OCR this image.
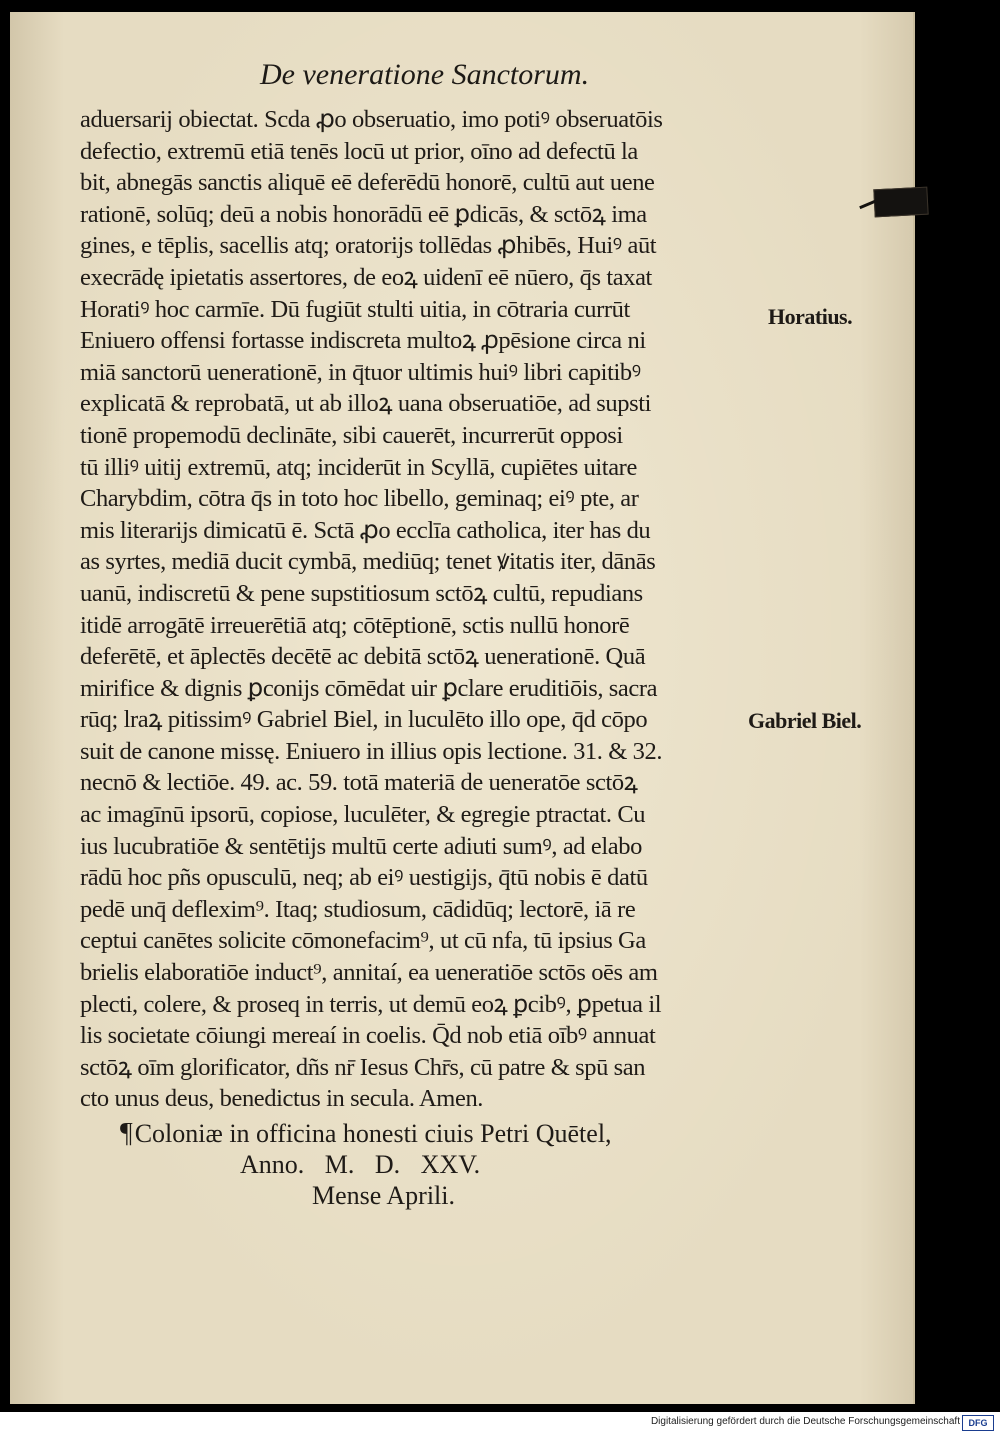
De veneratione Sanctorum.
aduersarij obiectat. Scda ꝓo obseruatio, imo potiꝰ obseruatōis
defectio, extremū etiā tenēs locū ut prior, oīno ad defectū la
bit, abnegās sanctis aliquē eē deferēdū honorē, cultū aut uene
rationē, solūq; deū a nobis honorādū eē ꝑdicās, & sctōꝝ ima
gines, e tēplis, sacellis atq; oratorijs tollēdas ꝓhibēs, Huiꝰ aūt
execrādę ipietatis assertores, de eoꝝ uidenī eē nūero, q̄s taxat
Horatiꝰ hoc carmīe. Dū fugiūt stulti uitia, in cōtraria currūt
Eniuero offensi fortasse indiscreta multoꝝ ꝓpēsione circa ni
miā sanctorū uenerationē, in q̄tuor ultimis huiꝰ libri capitibꝰ
explicatā & reprobatā, ut ab illoꝝ uana obseruatiōe, ad supsti
tionē propemodū declināte, sibi cauerēt, incurrerūt opposi
tū illiꝰ uitij extremū, atq; inciderūt in Scyllā, cupiētes uitare
Charybdim, cōtra q̄s in toto hoc libello, geminaq; eiꝰ pte, ar
mis literarijs dimicatū ē. Sctā ꝓo ecclīa catholica, iter has du
as syrtes, mediā ducit cymbā, mediūq; tenet ꝟitatis iter, dānās
uanū, indiscretū & pene supstitiosum sctōꝝ cultū, repudians
itidē arrogātē irreuerētiā atq; cōtēptionē, sctis nullū honorē
deferētē, et āplectēs decētē ac debitā sctōꝝ uenerationē. Quā
mirifice & dignis ꝑconijs cōmēdat uir ꝑclare eruditiōis, sacra
rūq; lraꝝ pitissimꝰ Gabriel Biel, in luculēto illo ope, q̄d cōpo
suit de canone missę. Eniuero in illius opis lectione. 31. & 32.
necnō & lectiōe. 49. ac. 59. totā materiā de ueneratōe sctōꝝ
ac imagīnū ipsorū, copiose, luculēter, & egregie ptractat. Cu
ius lucubratiōe & sentētijs multū certe adiuti sumꝰ, ad elabo
rādū hoc pñs opusculū, neq; ab eiꝰ uestigijs, q̄tū nobis ē datū
pedē unq̄ deflexim⁹. Itaq; studiosum, cādidūq; lectorē, iā re
ceptui canētes solicite cōmonefacim⁹, ut cū nfa, tū ipsius Ga
brielis elaboratiōe induct⁹, annitaí, ea ueneratiōe sctōs oēs am
plecti, colere, & proseq in terris, ut demū eoꝝ ꝑcibꝰ, ꝑpetua il
lis societate cōiungi mereaí in coelis. Q̄d nob etiā oībꝰ annuat
sctōꝝ oīm glorificator, dñs nr̄ Iesus Chr̄s, cū patre & spū san
cto unus deus, benedictus in secula. Amen.
Horatius.
Gabriel Biel.
¶Coloniæ in officina honesti ciuis Petri Quētel,
Anno. M. D. XXV.
Mense Aprili.
Digitalisierung gefördert durch die Deutsche Forschungsgemeinschaft DFG
